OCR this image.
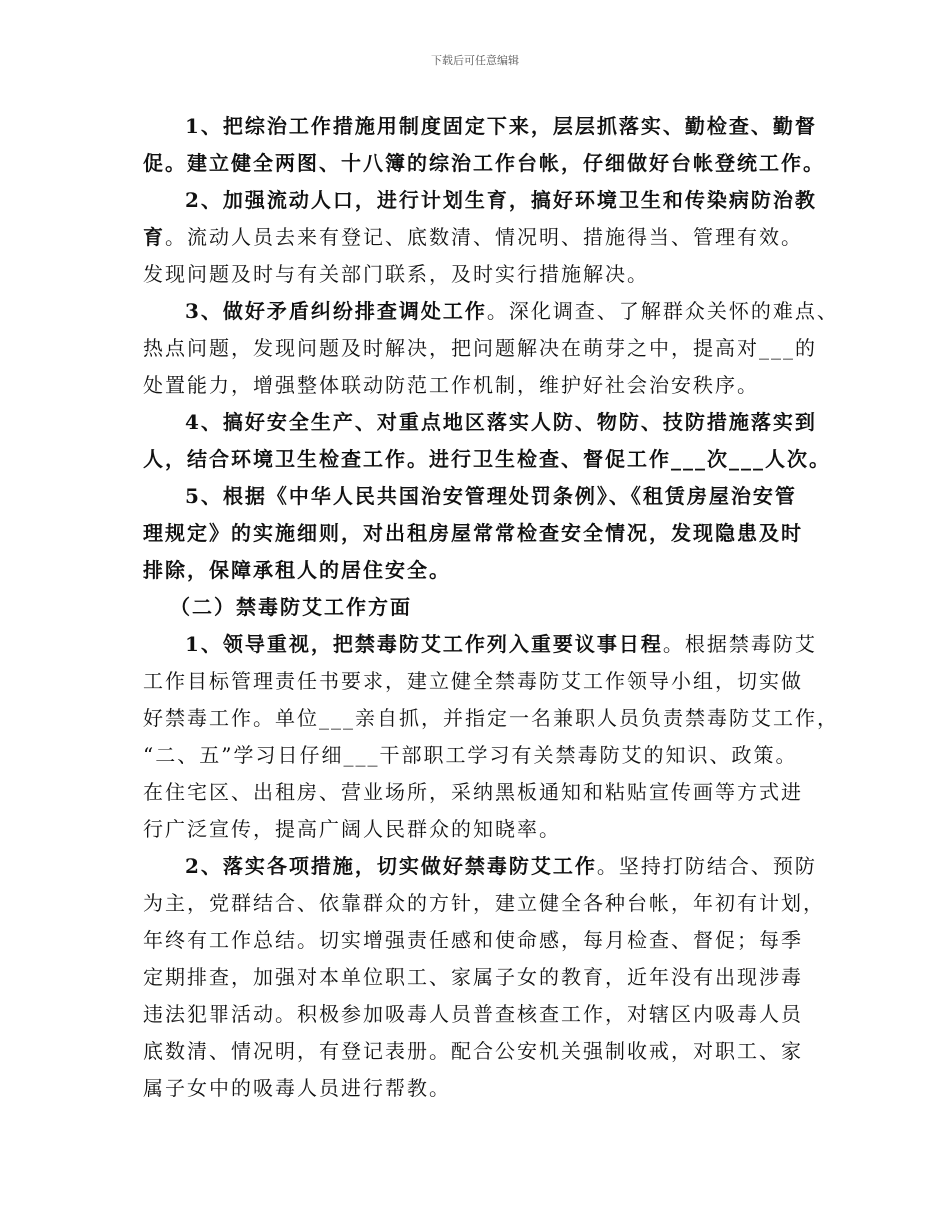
下载后可任意编辑
1、把综治工作措施用制度固定下来，层层抓落实、勤检查、勤督
促。建立健全两图、十八簿的综治工作台帐，仔细做好台帐登统工作。
2、加强流动人口，进行计划生育，搞好环境卫生和传染病防治教
育。流动人员去来有登记、底数清、情况明、措施得当、管理有效。
发现问题及时与有关部门联系，及时实行措施解决。
3、做好矛盾纠纷排查调处工作。深化调查、了解群众关怀的难点、
热点问题，发现问题及时解决，把问题解决在萌芽之中，提高对___的
处置能力，增强整体联动防范工作机制，维护好社会治安秩序。
4、搞好安全生产、对重点地区落实人防、物防、技防措施落实到
人，结合环境卫生检查工作。进行卫生检查、督促工作___次___人次。
5、根据《中华人民共国治安管理处罚条例》、《租赁房屋治安管
理规定》的实施细则，对出租房屋常常检查安全情况，发现隐患及时
排除，保障承租人的居住安全。
（二）禁毒防艾工作方面
1、领导重视，把禁毒防艾工作列入重要议事日程。根据禁毒防艾
工作目标管理责任书要求，建立健全禁毒防艾工作领导小组，切实做
好禁毒工作。单位___亲自抓，并指定一名兼职人员负责禁毒防艾工作，
“二、五”学习日仔细___干部职工学习有关禁毒防艾的知识、政策。
在住宅区、出租房、营业场所，采纳黑板通知和粘贴宣传画等方式进
行广泛宣传，提高广阔人民群众的知晓率。
2、落实各项措施，切实做好禁毒防艾工作。坚持打防结合、预防
为主，党群结合、依靠群众的方针，建立健全各种台帐，年初有计划，
年终有工作总结。切实增强责任感和使命感，每月检查、督促；每季
定期排查，加强对本单位职工、家属子女的教育，近年没有出现涉毒
违法犯罪活动。积极参加吸毒人员普查核查工作，对辖区内吸毒人员
底数清、情况明，有登记表册。配合公安机关强制收戒，对职工、家
属子女中的吸毒人员进行帮教。
